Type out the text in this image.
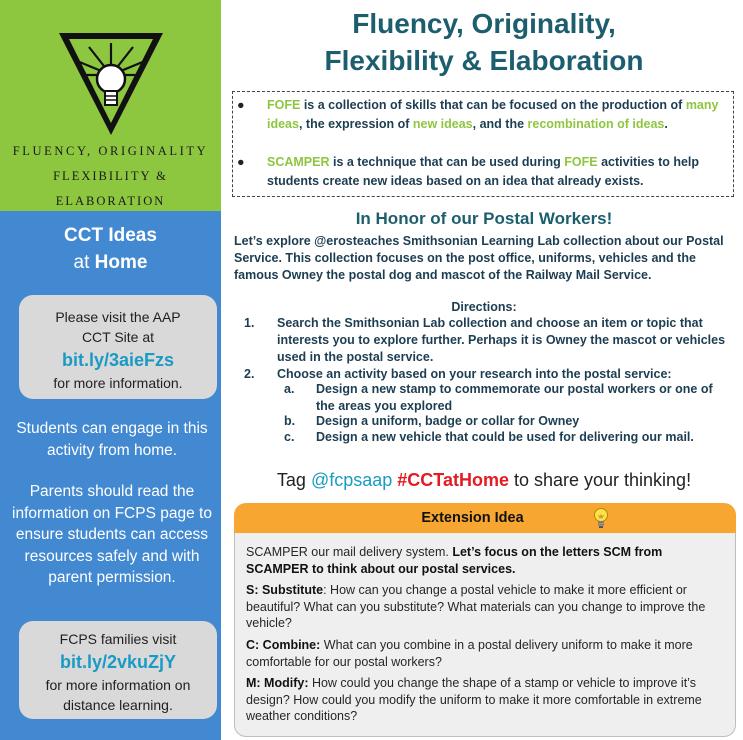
FLUENCY, ORIGINALITY
FLEXIBILITY &
ELABORATION
CCT Ideas
at Home
Please visit the AAP
CCT Site at
bit.ly/3aieFzs
for more information.
Students can engage in this activity from home.
Parents should read the information on FCPS page to ensure students can access resources safely and with parent permission.
FCPS families visit
bit.ly/2vkuZjY
for more information on distance learning.
Fluency, Originality,
Flexibility & Elaboration
● FOFE is a collection of skills that can be focused on the production of many ideas, the expression of new ideas, and the recombination of ideas.
● SCAMPER is a technique that can be used during FOFE activities to help students create new ideas based on an idea that already exists.
In Honor of our Postal Workers!
Let’s explore @erosteaches Smithsonian Learning Lab collection about our Postal Service. This collection focuses on the post office, uniforms, vehicles and the famous Owney the postal dog and mascot of the Railway Mail Service.
Directions:
1. Search the Smithsonian Lab collection and choose an item or topic that interests you to explore further. Perhaps it is Owney the mascot or vehicles used in the postal service.
2. Choose an activity based on your research into the postal service:
a. Design a new stamp to commemorate our postal workers or one of the areas you explored
b. Design a uniform, badge or collar for Owney
c. Design a new vehicle that could be used for delivering our mail.
Tag @fcpsaap #CCTatHome to share your thinking!
Extension Idea
SCAMPER our mail delivery system. Let’s focus on the letters SCM from SCAMPER to think about our postal services.
S: Substitute: How can you change a postal vehicle to make it more efficient or beautiful? What can you substitute? What materials can you change to improve the vehicle?
C: Combine: What can you combine in a postal delivery uniform to make it more comfortable for our postal workers?
M: Modify: How could you change the shape of a stamp or vehicle to improve it’s design? How could you modify the uniform to make it more comfortable in extreme weather conditions?
